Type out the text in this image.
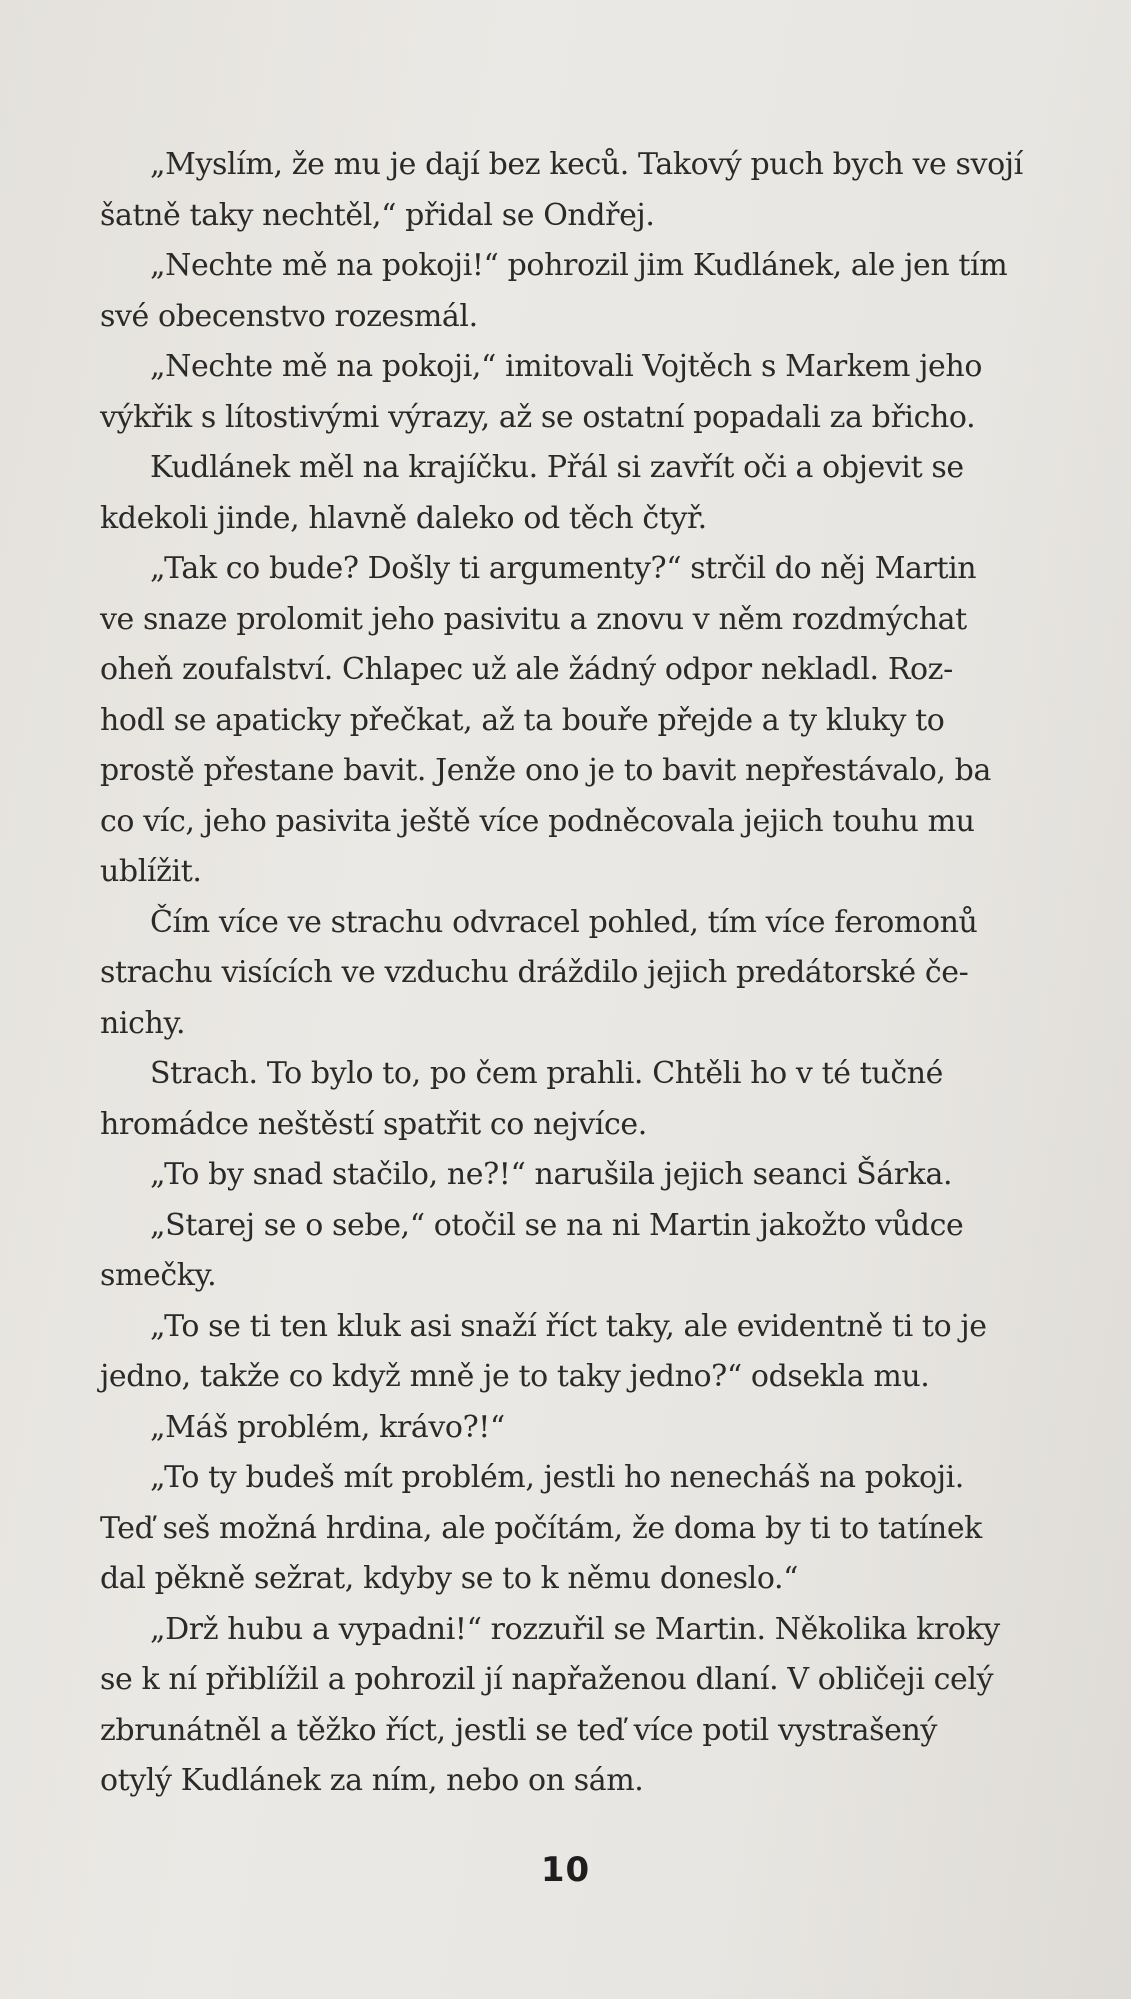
„Myslím, že mu je dají bez keců. Takový puch bych ve svojí
šatně taky nechtěl,“ přidal se Ondřej.
„Nechte mě na pokoji!“ pohrozil jim Kudlánek, ale jen tím
své obecenstvo rozesmál.
„Nechte mě na pokoji,“ imitovali Vojtěch s Markem jeho
výkřik s lítostivými výrazy, až se ostatní popadali za břicho.
Kudlánek měl na krajíčku. Přál si zavřít oči a objevit se
kdekoli jinde, hlavně daleko od těch čtyř.
„Tak co bude? Došly ti argumenty?“ strčil do něj Martin
ve snaze prolomit jeho pasivitu a znovu v něm rozdmýchat
oheň zoufalství. Chlapec už ale žádný odpor nekladl. Roz-
hodl se apaticky přečkat, až ta bouře přejde a ty kluky to
prostě přestane bavit. Jenže ono je to bavit nepřestávalo, ba
co víc, jeho pasivita ještě více podněcovala jejich touhu mu
ublížit.
Čím více ve strachu odvracel pohled, tím více feromonů
strachu visících ve vzduchu dráždilo jejich predátorské če-
nichy.
Strach. To bylo to, po čem prahli. Chtěli ho v té tučné
hromádce neštěstí spatřit co nejvíce.
„To by snad stačilo, ne?!“ narušila jejich seanci Šárka.
„Starej se o sebe,“ otočil se na ni Martin jakožto vůdce
smečky.
„To se ti ten kluk asi snaží říct taky, ale evidentně ti to je
jedno, takže co když mně je to taky jedno?“ odsekla mu.
„Máš problém, krávo?!“
„To ty budeš mít problém, jestli ho nenecháš na pokoji.
Teď seš možná hrdina, ale počítám, že doma by ti to tatínek
dal pěkně sežrat, kdyby se to k němu doneslo.“
„Drž hubu a vypadni!“ rozzuřil se Martin. Několika kroky
se k ní přiblížil a pohrozil jí napřaženou dlaní. V obličeji celý
zbrunátněl a těžko říct, jestli se teď více potil vystrašený
otylý Kudlánek za ním, nebo on sám.
10
